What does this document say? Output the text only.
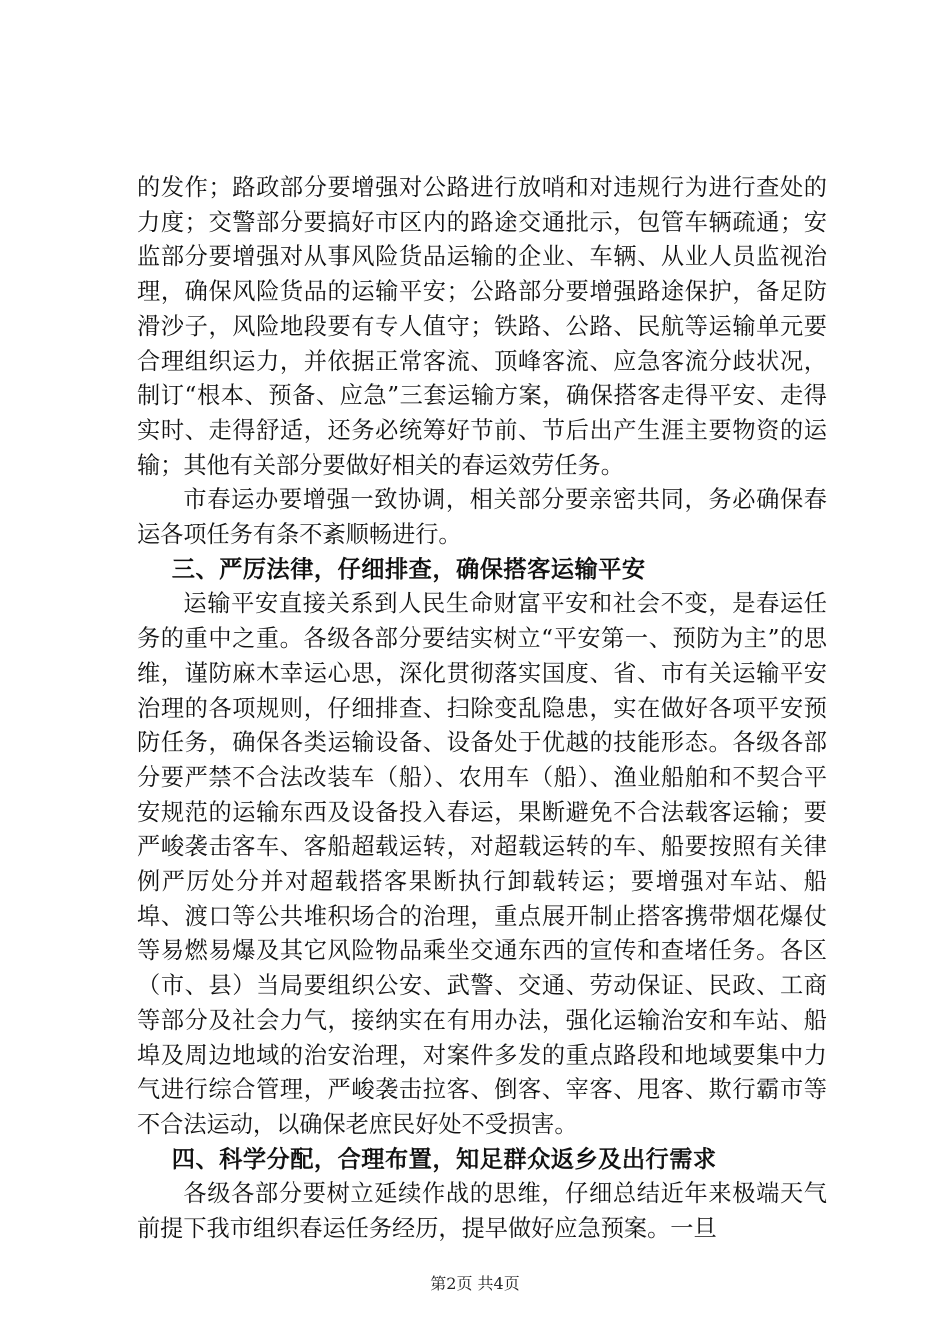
的发作；路政部分要增强对公路进行放哨和对违规行为进行查处的力度；交警部分要搞好市区内的路途交通批示，包管车辆疏通；安监部分要增强对从事风险货品运输的企业、车辆、从业人员监视治理，确保风险货品的运输平安；公路部分要增强路途保护，备足防滑沙子，风险地段要有专人值守；铁路、公路、民航等运输单元要合理组织运力，并依据正常客流、顶峰客流、应急客流分歧状况，制订“根本、预备、应急”三套运输方案，确保搭客走得平安、走得实时、走得舒适，还务必统筹好节前、节后出产生涯主要物资的运输；其他有关部分要做好相关的春运效劳任务。

市春运办要增强一致协调，相关部分要亲密共同，务必确保春运各项任务有条不紊顺畅进行。

三、严厉法律，仔细排查，确保搭客运输平安

运输平安直接关系到人民生命财富平安和社会不变，是春运任务的重中之重。各级各部分要结实树立“平安第一、预防为主”的思维，谨防麻木幸运心思，深化贯彻落实国度、省、市有关运输平安治理的各项规则，仔细排查、扫除变乱隐患，实在做好各项平安预防任务，确保各类运输设备、设备处于优越的技能形态。各级各部分要严禁不合法改装车（船）、农用车（船）、渔业船舶和不契合平安规范的运输东西及设备投入春运，果断避免不合法载客运输；要严峻袭击客车、客船超载运转，对超载运转的车、船要按照有关律例严厉处分并对超载搭客果断执行卸载转运；要增强对车站、船埠、渡口等公共堆积场合的治理，重点展开制止搭客携带烟花爆仗等易燃易爆及其它风险物品乘坐交通东西的宣传和查堵任务。各区（市、县）当局要组织公安、武警、交通、劳动保证、民政、工商等部分及社会力气，接纳实在有用办法，强化运输治安和车站、船埠及周边地域的治安治理，对案件多发的重点路段和地域要集中力气进行综合管理，严峻袭击拉客、倒客、宰客、甩客、欺行霸市等不合法运动，以确保老庶民好处不受损害。

四、科学分配，合理布置，知足群众返乡及出行需求

各级各部分要树立延续作战的思维，仔细总结近年来极端天气前提下我市组织春运任务经历，提早做好应急预案。一旦

第2页 共4页
